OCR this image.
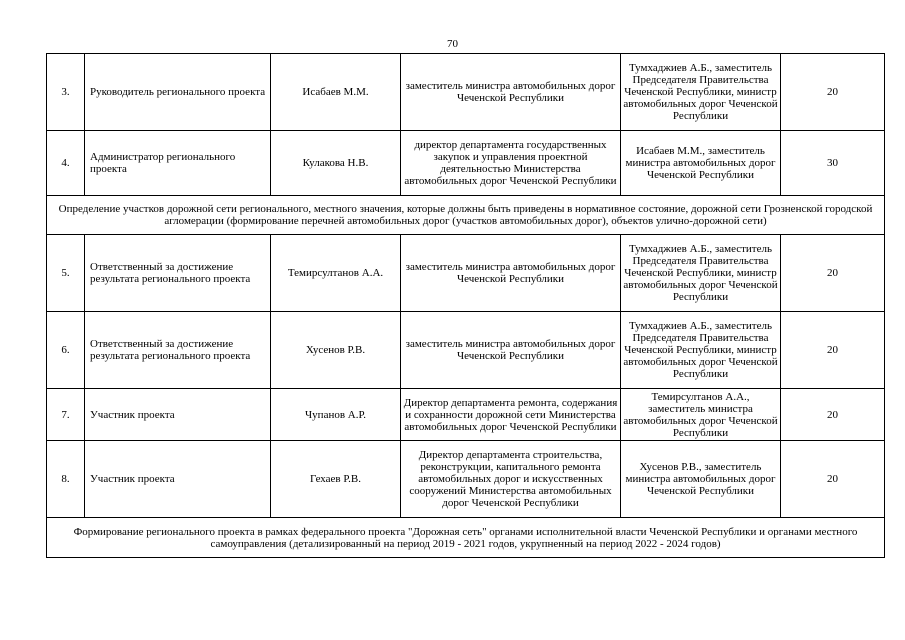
70
3.	Руководитель регионального проекта	Исабаев М.М.	заместитель министра автомобильных дорог Чеченской Республики	Тумхаджиев А.Б., заместитель Председателя Правительства Чеченской Республики, министр автомобильных дорог Чеченской Республики	20
4.	Администратор регионального проекта	Кулакова Н.В.	директор департамента государственных закупок и управления проектной деятельностью Министерства автомобильных дорог Чеченской Республики	Исабаев М.М., заместитель министра автомобильных дорог Чеченской Республики	30
Определение участков дорожной сети регионального, местного значения, которые должны быть приведены в нормативное состояние, дорожной сети Грозненской городской агломерации (формирование перечней автомобильных дорог (участков автомобильных дорог), объектов улично-дорожной сети)					
5.	Ответственный за достижение результата регионального проекта	Темирсултанов А.А.	заместитель министра автомобильных дорог Чеченской Республики	Тумхаджиев А.Б., заместитель Председателя Правительства Чеченской Республики, министр автомобильных дорог Чеченской Республики	20
6.	Ответственный за достижение результата регионального проекта	Хусенов Р.В.	заместитель министра автомобильных дорог Чеченской Республики	Тумхаджиев А.Б., заместитель Председателя Правительства Чеченской Республики, министр автомобильных дорог Чеченской Республики	20
7.	Участник проекта	Чупанов А.Р.	Директор департамента ремонта, содержания и сохранности дорожной сети Министерства автомобильных дорог Чеченской Республики	Темирсултанов А.А., заместитель министра автомобильных дорог Чеченской Республики	20
8.	Участник проекта	Гехаев Р.В.	Директор департамента строительства, реконструкции, капитального ремонта автомобильных дорог и искусственных сооружений Министерства автомобильных дорог Чеченской Республики	Хусенов Р.В., заместитель министра автомобильных дорог Чеченской Республики	20
Формирование регионального проекта в рамках федерального проекта "Дорожная сеть" органами исполнительной власти Чеченской Республики и органами местного самоуправления (детализированный на период 2019 - 2021 годов, укрупненный на период 2022 - 2024 годов)					
